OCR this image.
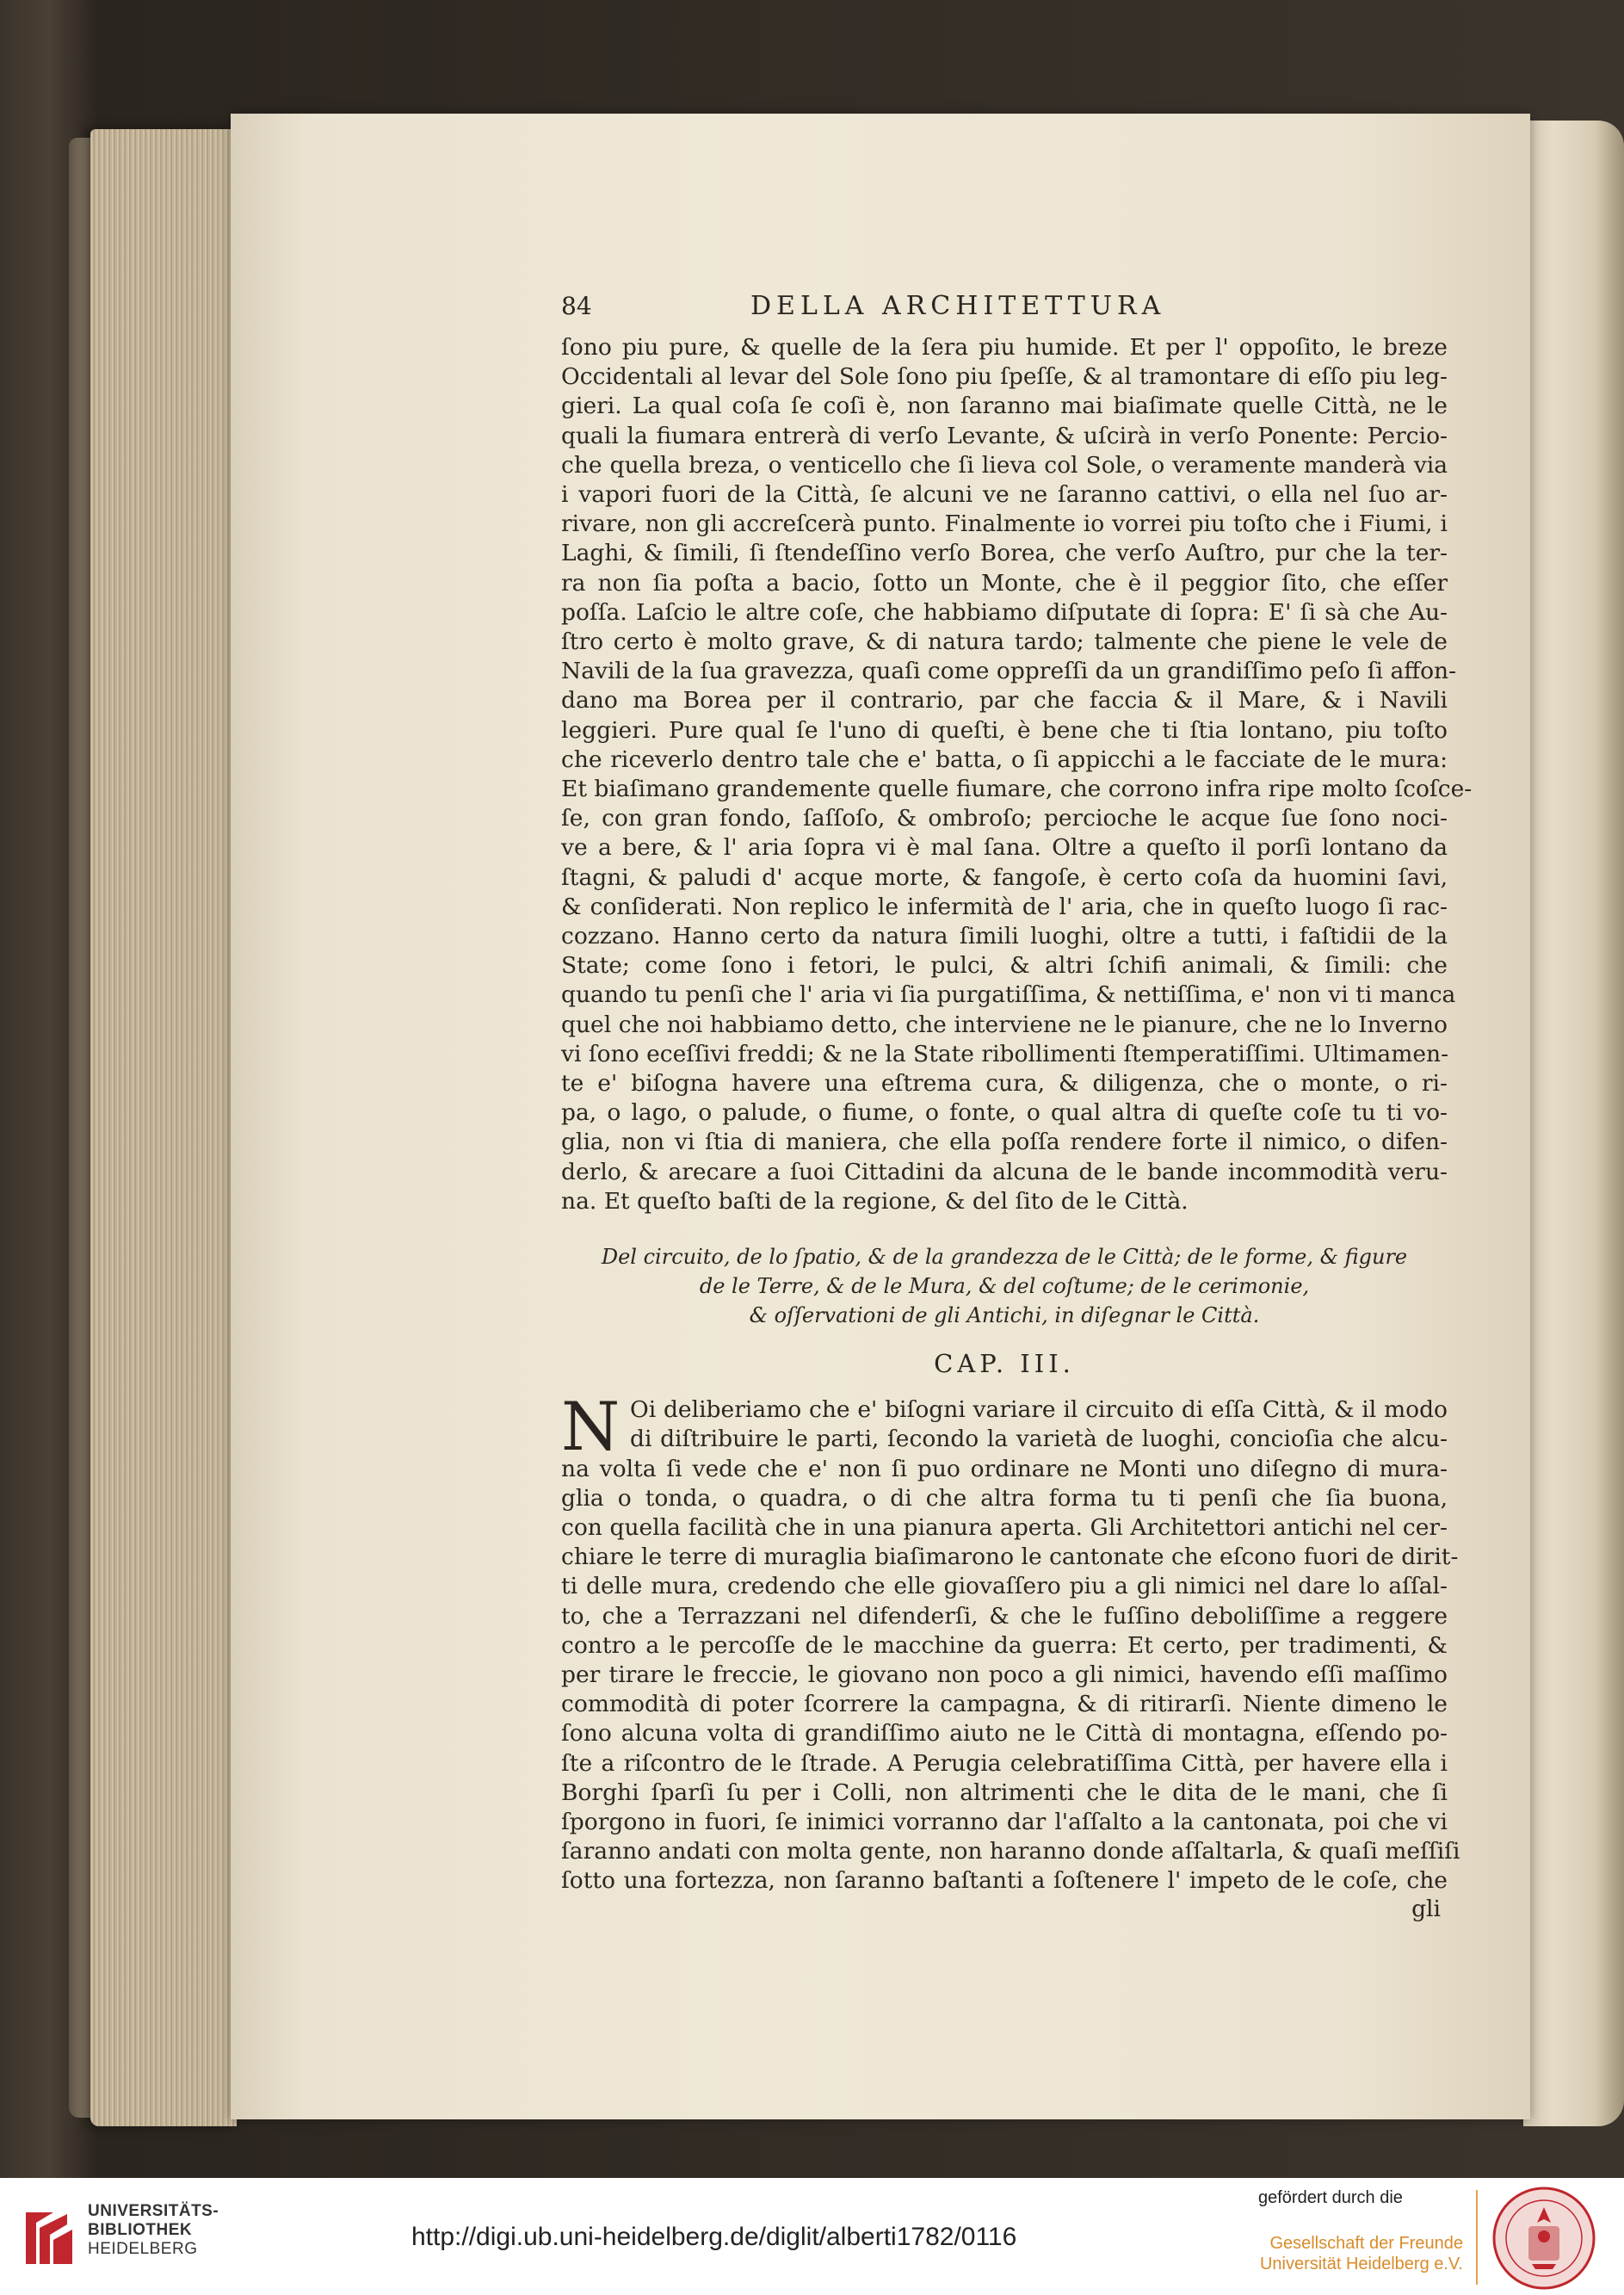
84	DELLA ARCHITETTURA
ſono piu pure, & quelle de la ſera piu humide. Et per l' oppoſito, le breze
Occidentali al levar del Sole ſono piu ſpeſſe, & al tramontare di eſſo piu leg-
gieri. La qual coſa ſe coſi è, non ſaranno mai biaſimate quelle Città, ne le
quali la fiumara entrerà di verſo Levante, & uſcirà in verſo Ponente: Percio-
che quella breza, o venticello che ſi lieva col Sole, o veramente manderà via
i vapori fuori de la Città, ſe alcuni ve ne ſaranno cattivi, o ella nel ſuo ar-
rivare, non gli accreſcerà punto. Finalmente io vorrei piu toſto che i Fiumi, i
Laghi, & ſimili, ſi ſtendeſſino verſo Borea, che verſo Auſtro, pur che la ter-
ra non ſia poſta a bacio, ſotto un Monte, che è il peggior ſito, che eſſer
poſſa. Laſcio le altre coſe, che habbiamo diſputate di ſopra: E' ſi sà che Au-
ſtro certo è molto grave, & di natura tardo; talmente che piene le vele de
Navili de la ſua gravezza, quaſi come oppreſſi da un grandiſſimo peſo ſi affon-
dano ma Borea per il contrario, par che faccia & il Mare, & i Navili
leggieri. Pure qual ſe l'uno di queſti, è bene che ti ſtia lontano, piu toſto
che riceverlo dentro tale che e' batta, o ſi appicchi a le facciate de le mura:
Et biaſimano grandemente quelle fiumare, che corrono infra ripe molto ſcoſce-
ſe, con gran fondo, ſaſſoſo, & ombroſo; percioche le acque ſue ſono noci-
ve a bere, & l' aria ſopra vi è mal ſana. Oltre a queſto il porſi lontano da
ſtagni, & paludi d' acque morte, & fangoſe, è certo coſa da huomini ſavi,
& conſiderati. Non replico le infermità de l' aria, che in queſto luogo ſi rac-
cozzano. Hanno certo da natura ſimili luoghi, oltre a tutti, i faſtidii de la
State; come ſono i fetori, le pulci, & altri ſchifi animali, & ſimili: che
quando tu penſi che l' aria vi ſia purgatiſſima, & nettiſſima, e' non vi ti manca
quel che noi habbiamo detto, che interviene ne le pianure, che ne lo Inverno
vi ſono eceſſivi freddi; & ne la State ribollimenti ſtemperatiſſimi. Ultimamen-
te e' biſogna havere una eſtrema cura, & diligenza, che o monte, o ri-
pa, o lago, o palude, o fiume, o fonte, o qual altra di queſte coſe tu ti vo-
glia, non vi ſtia di maniera, che ella poſſa rendere forte il nimico, o difen-
derlo, & arecare a ſuoi Cittadini da alcuna de le bande incommodità veru-
na. Et queſto baſti de la regione, & del ſito de le Città.
Del circuito, de lo ſpatio, & de la grandezza de le Città; de le forme, & figure
de le Terre, & de le Mura, & del coſtume; de le cerimonie,
& oſſervationi de gli Antichi, in diſegnar le Città.
CAP. III.
N Oi deliberiamo che e' biſogni variare il circuito di eſſa Città, & il modo
di diſtribuire le parti, ſecondo la varietà de luoghi, concioſia che alcu-
na volta ſi vede che e' non ſi puo ordinare ne Monti uno diſegno di mura-
glia o tonda, o quadra, o di che altra forma tu ti penſi che ſia buona,
con quella facilità che in una pianura aperta. Gli Architettori antichi nel cer-
chiare le terre di muraglia biaſimarono le cantonate che eſcono fuori de dirit-
ti delle mura, credendo che elle giovaſſero piu a gli nimici nel dare lo aſſal-
to, che a Terrazzani nel difenderſi, & che le fuſſino deboliſſime a reggere
contro a le percoſſe de le macchine da guerra: Et certo, per tradimenti, &
per tirare le freccie, le giovano non poco a gli nimici, havendo eſſi maſſimo
commodità di poter ſcorrere la campagna, & di ritirarſi. Niente dimeno le
ſono alcuna volta di grandiſſimo aiuto ne le Città di montagna, eſſendo po-
ſte a riſcontro de le ſtrade. A Perugia celebratiſſima Città, per havere ella i
Borghi ſparſi ſu per i Colli, non altrimenti che le dita de le mani, che ſi
ſporgono in fuori, ſe inimici vorranno dar l'aſſalto a la cantonata, poi che vi
ſaranno andati con molta gente, non haranno donde aſſaltarla, & quaſi meſſiſi
ſotto una fortezza, non ſaranno baſtanti a ſoſtenere l' impeto de le coſe, che
gli
UNIVERSITÄTS-
BIBLIOTHEK
HEIDELBERG	http://digi.ub.uni-heidelberg.de/diglit/alberti1782/0116
gefördert durch die
Gesellschaft der Freunde
Universität Heidelberg e.V.
